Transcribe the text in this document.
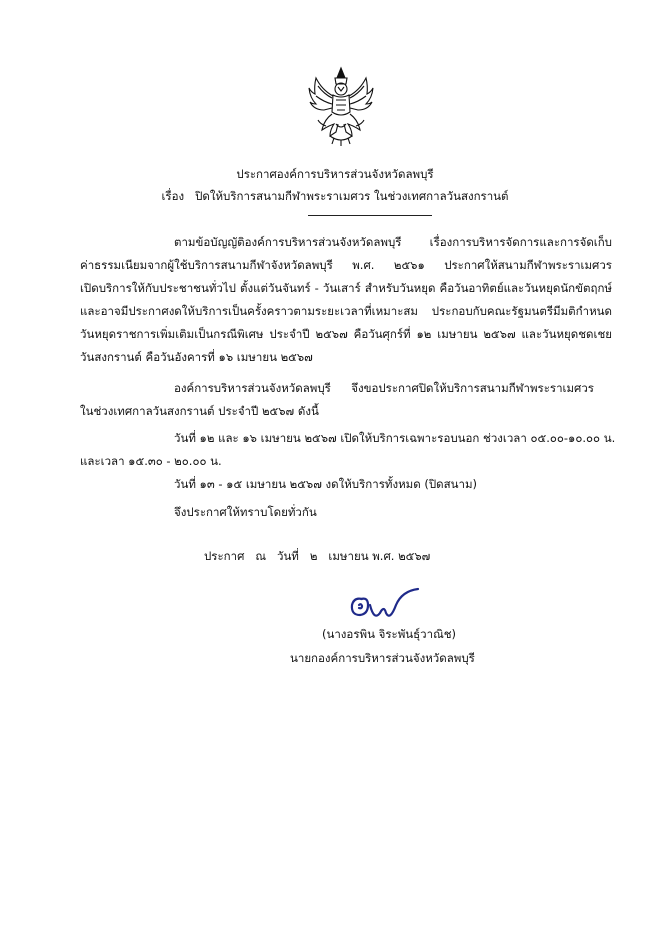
ประกาศองค์การบริหารส่วนจังหวัดลพบุรี
เรื่อง ปิดให้บริการสนามกีฬาพระราเมศวร ในช่วงเทศกาลวันสงกรานต์
ตามข้อบัญญัติองค์การบริหารส่วนจังหวัดลพบุรี เรื่องการบริหารจัดการและการจัดเก็บ
ค่าธรรมเนียมจากผู้ใช้บริการสนามกีฬาจังหวัดลพบุรี พ.ศ. ๒๕๖๑ ประกาศให้สนามกีฬาพระราเมศวร
เปิดบริการให้กับประชาชนทั่วไป ตั้งแต่วันจันทร์ - วันเสาร์ สำหรับวันหยุด คือวันอาทิตย์และวันหยุดนักขัตฤกษ์
และอาจมีประกาศงดให้บริการเป็นครั้งคราวตามระยะเวลาที่เหมาะสม ประกอบกับคณะรัฐมนตรีมีมติกำหนด
วันหยุดราชการเพิ่มเติมเป็นกรณีพิเศษ ประจำปี ๒๕๖๗ คือวันศุกร์ที่ ๑๒ เมษายน ๒๕๖๗ และวันหยุดชดเชย
วันสงกรานต์ คือวันอังคารที่ ๑๖ เมษายน ๒๕๖๗
องค์การบริหารส่วนจังหวัดลพบุรี จึงขอประกาศปิดให้บริการสนามกีฬาพระราเมศวร
ในช่วงเทศกาลวันสงกรานต์ ประจำปี ๒๕๖๗ ดังนี้
วันที่ ๑๒ และ ๑๖ เมษายน ๒๕๖๗ เปิดให้บริการเฉพาะรอบนอก ช่วงเวลา ๐๕.๐๐-๑๐.๐๐ น.
และเวลา ๑๕.๓๐ - ๒๐.๐๐ น.
วันที่ ๑๓ - ๑๕ เมษายน ๒๕๖๗ งดให้บริการทั้งหมด (ปิดสนาม)
จึงประกาศให้ทราบโดยทั่วกัน
ประกาศ ณ วันที่ ๒ เมษายน พ.ศ. ๒๕๖๗
(นางอรพิน จิระพันธุ์วาณิช)
นายกองค์การบริหารส่วนจังหวัดลพบุรี
